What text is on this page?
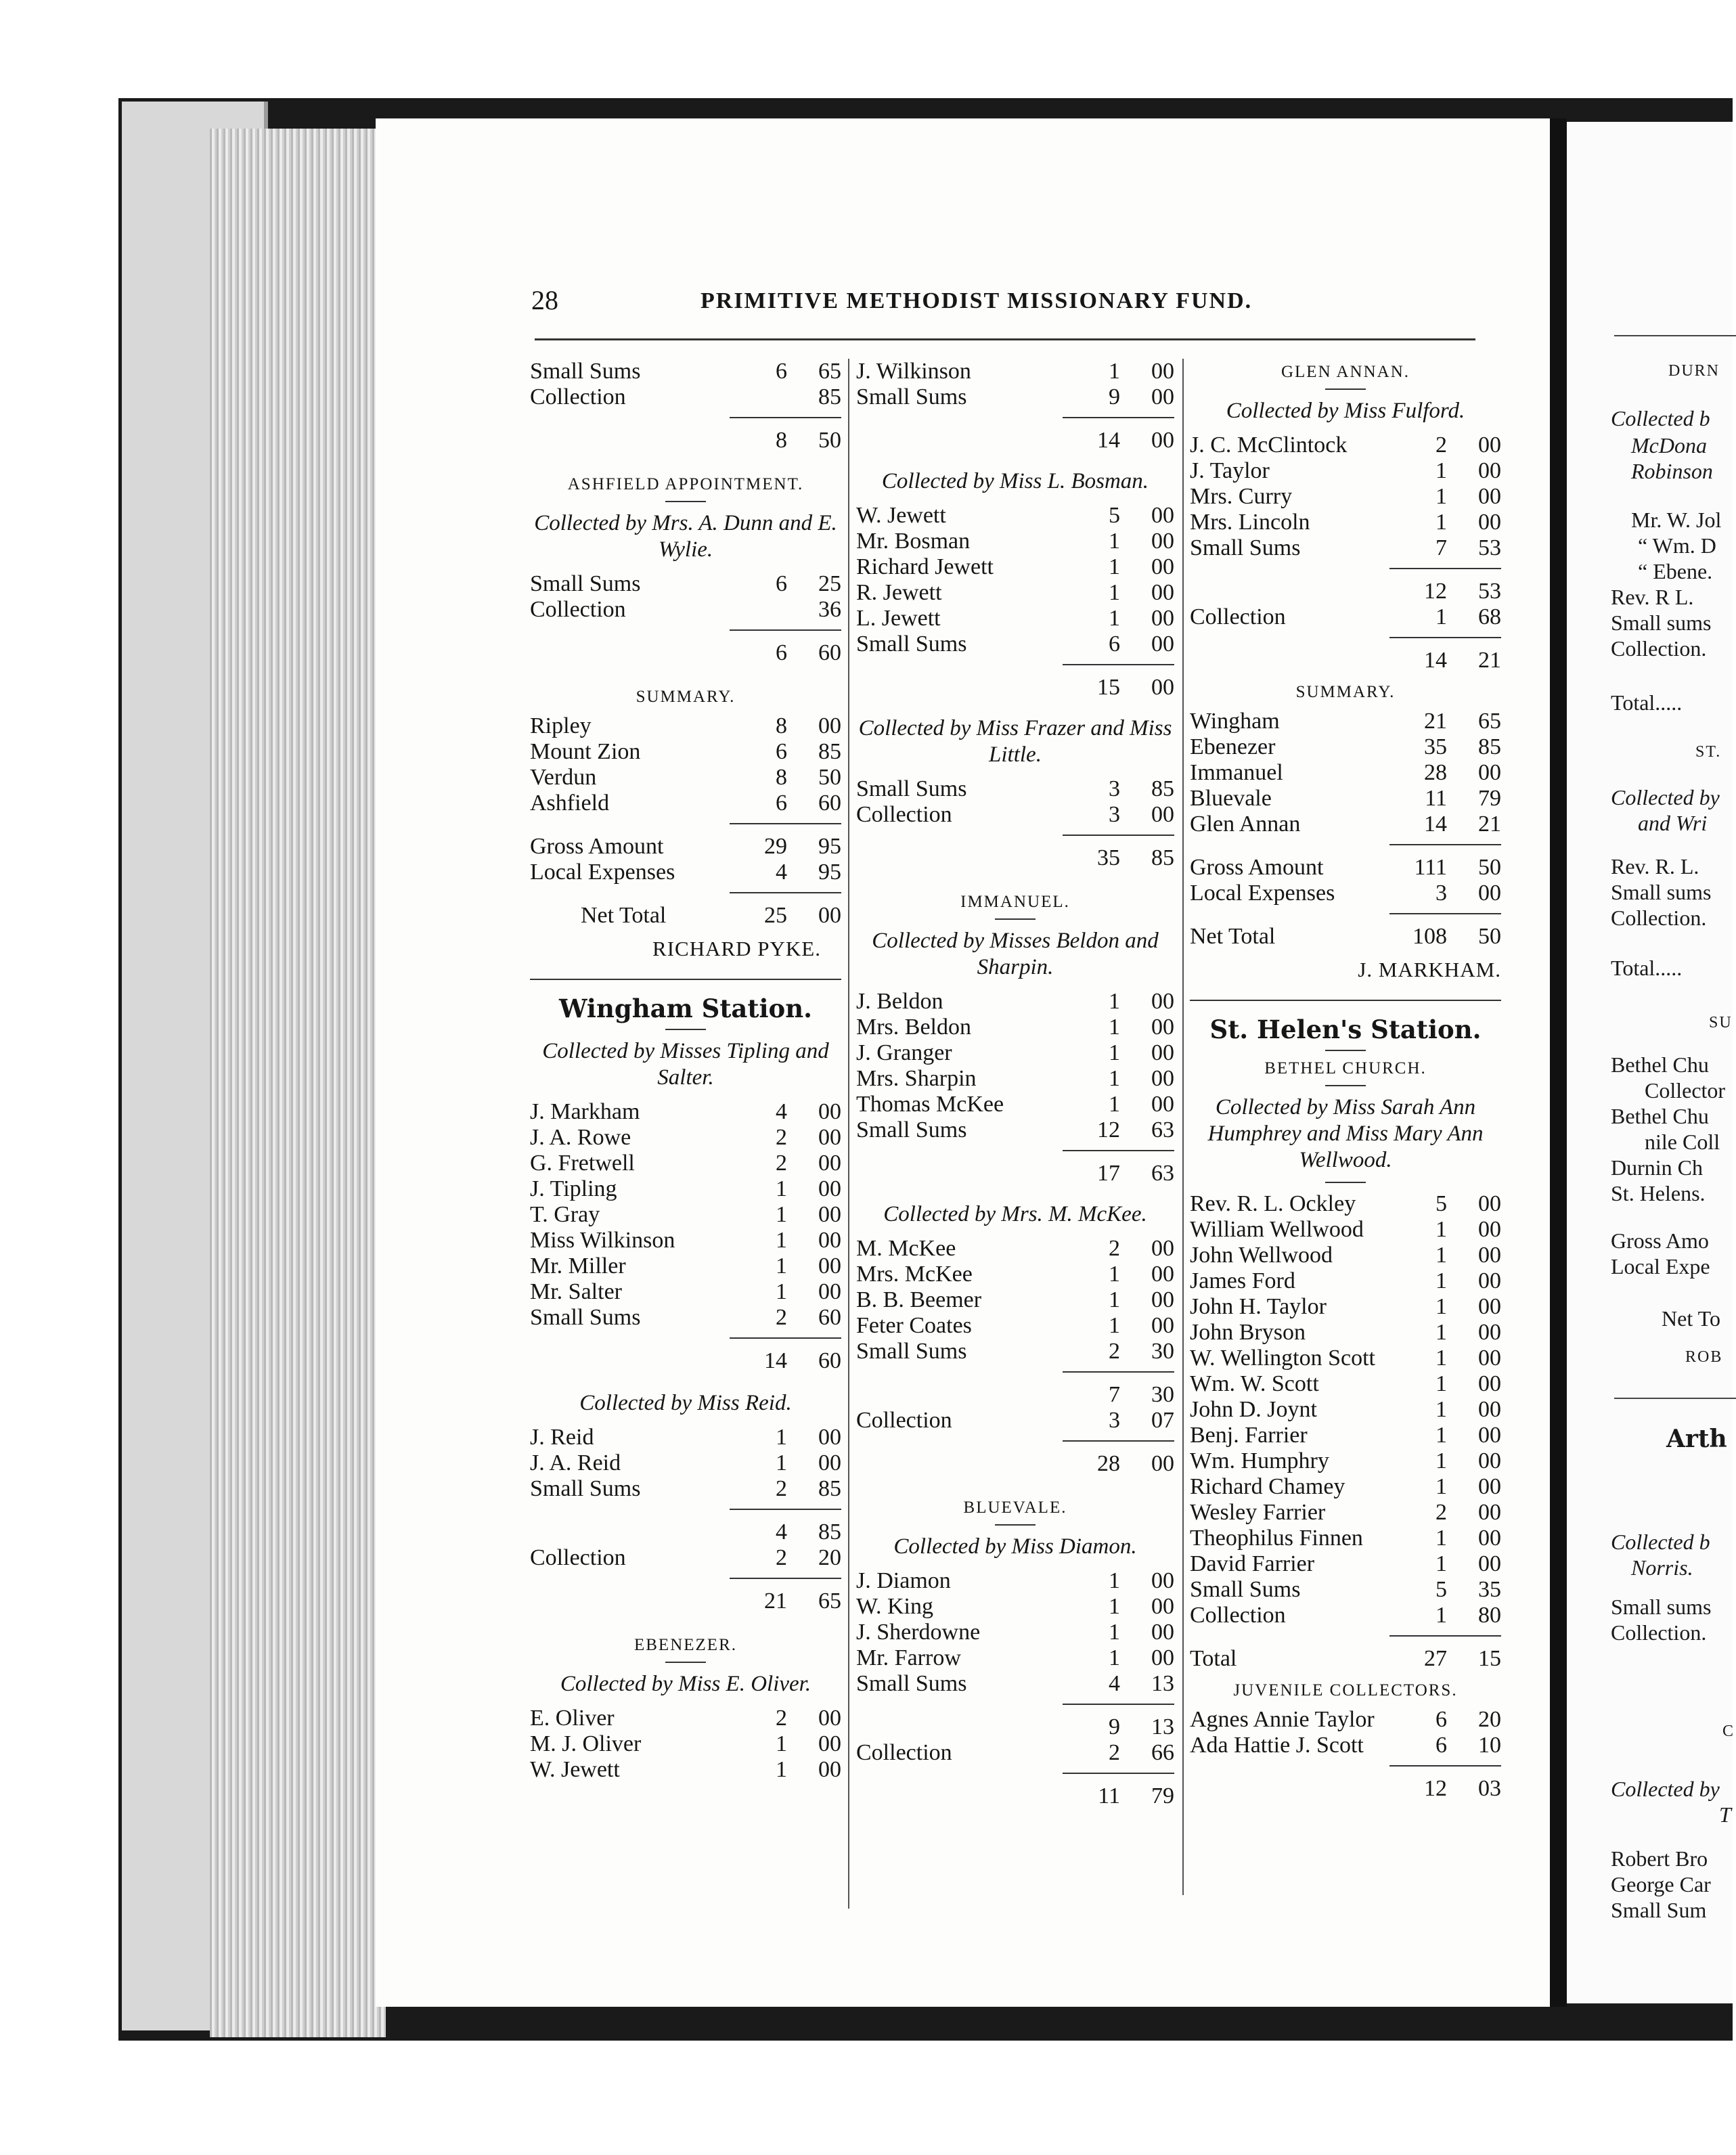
28	PRIMITIVE METHODIST MISSIONARY FUND.
Small Sums	6	65
Collection	85
8	50
ASHFIELD APPOINTMENT.
Collected by Mrs. A. Dunn and E. Wylie.
Small Sums	6	25
Collection	36
6	60
SUMMARY.
Ripley	8	00
Mount Zion	6	85
Verdun	8	50
Ashfield	6	60
Gross Amount	29	95
Local Expenses	4	95
Net Total	25	00
RICHARD PYKE.
Wingham Station.
Collected by Misses Tipling and Salter.
J. Markham	4	00
J. A. Rowe	2	00
G. Fretwell	2	00
J. Tipling	1	00
T. Gray	1	00
Miss Wilkinson	1	00
Mr. Miller	1	00
Mr. Salter	1	00
Small Sums	2	60
14	60
Collected by Miss Reid.
J. Reid	1	00
J. A. Reid	1	00
Small Sums	2	85
4	85
Collection	2	20
21	65
EBENEZER.
Collected by Miss E. Oliver.
E. Oliver	2	00
M. J. Oliver	1	00
W. Jewett	1	00
J. Wilkinson	1	00
Small Sums	9	00
14	00
Collected by Miss L. Bosman.
W. Jewett	5	00
Mr. Bosman	1	00
Richard Jewett	1	00
R. Jewett	1	00
L. Jewett	1	00
Small Sums	6	00
15	00
Collected by Miss Frazer and Miss Little.
Small Sums	3	85
Collection	3	00
35	85
IMMANUEL.
Collected by Misses Beldon and Sharpin.
J. Beldon	1	00
Mrs. Beldon	1	00
J. Granger	1	00
Mrs. Sharpin	1	00
Thomas McKee	1	00
Small Sums	12	63
17	63
Collected by Mrs. M. McKee.
M. McKee	2	00
Mrs. McKee	1	00
B. B. Beemer	1	00
Feter Coates	1	00
Small Sums	2	30
7	30
Collection	3	07
28	00
BLUEVALE.
Collected by Miss Diamon.
J. Diamon	1	00
W. King	1	00
J. Sherdowne	1	00
Mr. Farrow	1	00
Small Sums	4	13
9	13
Collection	2	66
11	79
GLEN ANNAN.
Collected by Miss Fulford.
J. C. McClintock	2	00
J. Taylor	1	00
Mrs. Curry	1	00
Mrs. Lincoln	1	00
Small Sums	7	53
12	53
Collection	1	68
14	21
SUMMARY.
Wingham	21	65
Ebenezer	35	85
Immanuel	28	00
Bluevale	11	79
Glen Annan	14	21
Gross Amount	111	50
Local Expenses	3	00
Net Total	108	50
J. MARKHAM.
St. Helen's Station.
BETHEL CHURCH.
Collected by Miss Sarah Ann Humphrey and Miss Mary Ann Wellwood.
Rev. R. L. Ockley	5	00
William Wellwood	1	00
John Wellwood	1	00
James Ford	1	00
John H. Taylor	1	00
John Bryson	1	00
W. Wellington Scott	1	00
Wm. W. Scott	1	00
John D. Joynt	1	00
Benj. Farrier	1	00
Wm. Humphry	1	00
Richard Chamey	1	00
Wesley Farrier	2	00
Theophilus Finnen	1	00
David Farrier	1	00
Small Sums	5	35
Collection	1	80
Total	27	15
JUVENILE COLLECTORS.
Agnes Annie Taylor	6	20
Ada Hattie J. Scott	6	10
12	03
DURN
Collected b
McDona
Robinson
Mr. W. Jol
“ Wm. D
“ Ebene.
Rev. R L.
Small sums
Collection.
Total.....
ST.
Collected by
and Wri
Rev. R. L.
Small sums
Collection.
Total.....
SU
Bethel Chu
Collector
Bethel Chu
nile Coll
Durnin Ch
St. Helens.
Gross Amo
Local Expe
Net To
ROB
Arth
Collected b
Norris.
Small sums
Collection.
C
Collected by
T
Robert Bro
George Car
Small Sum
